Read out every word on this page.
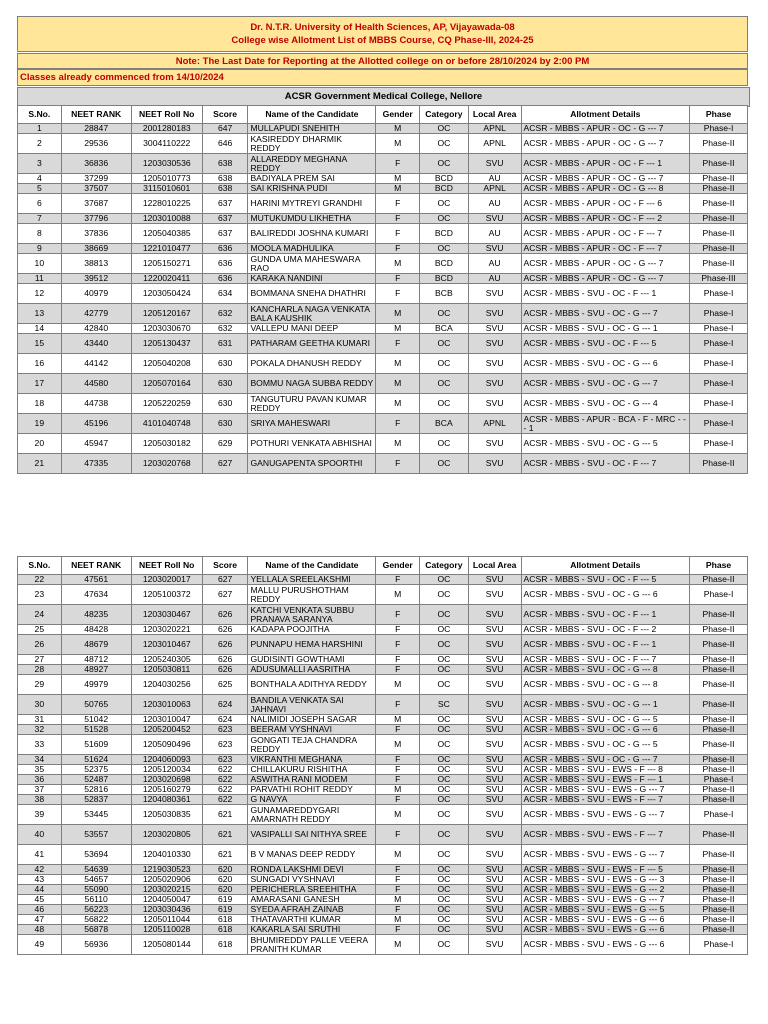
Dr. N.T.R. University of Health Sciences, AP, Vijayawada-08
College wise Allotment List of MBBS Course, CQ Phase-III, 2024-25
Note: The Last Date for Reporting at the Allotted college on or before 28/10/2024 by 2:00 PM
Classes already commenced from 14/10/2024
ACSR Government Medical College, Nellore
S.No.	NEET RANK	NEET Roll No	Score	Name of the Candidate	Gender	Category	Local Area	Allotment Details	Phase
1	28847	2001280183	647	MULLAPUDI SNEHITH	M	OC	APNL	ACSR - MBBS - APUR - OC - G --- 7	Phase-I
2	29536	3004110222	646	KASIREDDY DHARMIK REDDY	M	OC	APNL	ACSR - MBBS - APUR - OC - G --- 7	Phase-II
3	36836	1203030536	638	ALLAREDDY MEGHANA REDDY	F	OC	SVU	ACSR - MBBS - APUR - OC - F --- 1	Phase-II
4	37299	1205010773	638	BADIYALA PREM SAI	M	BCD	AU	ACSR - MBBS - APUR - OC - G --- 7	Phase-II
5	37507	3115010601	638	SAI KRISHNA PUDI	M	BCD	APNL	ACSR - MBBS - APUR - OC - G --- 8	Phase-II
6	37687	1228010225	637	HARINI MYTREYI GRANDHI	F	OC	AU	ACSR - MBBS - APUR - OC - F --- 6	Phase-II
7	37796	1203010088	637	MUTUKUMDU LIKHETHA	F	OC	SVU	ACSR - MBBS - APUR - OC - F --- 2	Phase-II
8	37836	1205040385	637	BALIREDDI JOSHNA KUMARI	F	BCD	AU	ACSR - MBBS - APUR - OC - F --- 7	Phase-II
9	38669	1221010477	636	MOOLA MADHULIKA	F	OC	SVU	ACSR - MBBS - APUR - OC - F --- 7	Phase-II
10	38813	1205150271	636	GUNDA UMA MAHESWARA RAO	M	BCD	AU	ACSR - MBBS - APUR - OC - G --- 7	Phase-II
11	39512	1220020411	636	KARAKA NANDINI	F	BCD	AU	ACSR - MBBS - APUR - OC - G --- 7	Phase-III
12	40979	1203050424	634	BOMMANA SNEHA DHATHRI	F	BCB	SVU	ACSR - MBBS - SVU - OC - F --- 1	Phase-I
13	42779	1205120167	632	KANCHARLA NAGA VENKATA BALA KAUSHIK	M	OC	SVU	ACSR - MBBS - SVU - OC - G --- 7	Phase-I
14	42840	1203030670	632	VALLEPU MANI DEEP	M	BCA	SVU	ACSR - MBBS - SVU - OC - G --- 1	Phase-I
15	43440	1205130437	631	PATHARAM GEETHA KUMARI	F	OC	SVU	ACSR - MBBS - SVU - OC - F --- 5	Phase-I
16	44142	1205040208	630	POKALA DHANUSH REDDY	M	OC	SVU	ACSR - MBBS - SVU - OC - G --- 6	Phase-I
17	44580	1205070164	630	BOMMU NAGA SUBBA REDDY	M	OC	SVU	ACSR - MBBS - SVU - OC - G --- 7	Phase-I
18	44738	1205220259	630	TANGUTURU PAVAN KUMAR REDDY	M	OC	SVU	ACSR - MBBS - SVU - OC - G --- 4	Phase-I
19	45196	4101040748	630	SRIYA MAHESWARI	F	BCA	APNL	ACSR - MBBS - APUR - BCA - F - MRC - -- 1	Phase-I
20	45947	1205030182	629	POTHURI VENKATA ABHISHAI	M	OC	SVU	ACSR - MBBS - SVU - OC - G --- 5	Phase-I
21	47335	1203020768	627	GANUGAPENTA SPOORTHI	F	OC	SVU	ACSR - MBBS - SVU - OC - F --- 7	Phase-II
S.No.	NEET RANK	NEET Roll No	Score	Name of the Candidate	Gender	Category	Local Area	Allotment Details	Phase
22	47561	1203020017	627	YELLALA SREELAKSHMI	F	OC	SVU	ACSR - MBBS - SVU - OC - F --- 5	Phase-II
23	47634	1205100372	627	MALLU PURUSHOTHAM REDDY	M	OC	SVU	ACSR - MBBS - SVU - OC - G --- 6	Phase-I
24	48235	1203030467	626	KATCHI VENKATA SUBBU PRANAVA SARANYA	F	OC	SVU	ACSR - MBBS - SVU - OC - F --- 1	Phase-II
25	48428	1203020221	626	KADAPA POOJITHA	F	OC	SVU	ACSR - MBBS - SVU - OC - F --- 2	Phase-II
26	48679	1203010467	626	PUNNAPU HEMA HARSHINI	F	OC	SVU	ACSR - MBBS - SVU - OC - F --- 1	Phase-II
27	48712	1205240305	626	GUDISINTI GOWTHAMI	F	OC	SVU	ACSR - MBBS - SVU - OC - F --- 7	Phase-II
28	48927	1205030811	626	ADUSUMALLI AASRITHA	F	OC	SVU	ACSR - MBBS - SVU - OC - G --- 8	Phase-II
29	49979	1204030256	625	BONTHALA ADITHYA REDDY	M	OC	SVU	ACSR - MBBS - SVU - OC - G --- 8	Phase-II
30	50765	1203010063	624	BANDILA VENKATA SAI JAHNAVI	F	SC	SVU	ACSR - MBBS - SVU - OC - G --- 1	Phase-II
31	51042	1203010047	624	NALIMIDI JOSEPH SAGAR	M	OC	SVU	ACSR - MBBS - SVU - OC - G --- 5	Phase-II
32	51528	1205200452	623	BEERAM VYSHNAVI	F	OC	SVU	ACSR - MBBS - SVU - OC - G --- 6	Phase-II
33	51609	1205090496	623	GONGATI TEJA CHANDRA REDDY	M	OC	SVU	ACSR - MBBS - SVU - OC - G --- 5	Phase-II
34	51624	1204060093	623	VIKRANTHI MEGHANA	F	OC	SVU	ACSR - MBBS - SVU - OC - G --- 7	Phase-II
35	52375	1205120034	622	CHILLAKURU RISHITHA	F	OC	SVU	ACSR - MBBS - SVU - EWS - F --- 8	Phase-II
36	52487	1203020698	622	ASWITHA RANI MODEM	F	OC	SVU	ACSR - MBBS - SVU - EWS - F --- 1	Phase-I
37	52816	1205160279	622	PARVATHI ROHIT REDDY	M	OC	SVU	ACSR - MBBS - SVU - EWS - G --- 7	Phase-II
38	52837	1204080361	622	G NAVYA	F	OC	SVU	ACSR - MBBS - SVU - EWS - F --- 7	Phase-II
39	53445	1205030835	621	GUNAMAREDDYGARI AMARNATH REDDY	M	OC	SVU	ACSR - MBBS - SVU - EWS - G --- 7	Phase-I
40	53557	1203020805	621	VASIPALLI SAI NITHYA SREE	F	OC	SVU	ACSR - MBBS - SVU - EWS - F --- 7	Phase-II
41	53694	1204010330	621	B V MANAS DEEP REDDY	M	OC	SVU	ACSR - MBBS - SVU - EWS - G --- 7	Phase-II
42	54639	1219030523	620	RONDA LAKSHMI DEVI	F	OC	SVU	ACSR - MBBS - SVU - EWS - F --- 5	Phase-II
43	54657	1205020906	620	SUNGADI VYSHNAVI	F	OC	SVU	ACSR - MBBS - SVU - EWS - G --- 3	Phase-II
44	55090	1203020215	620	PERICHERLA SREEHITHA	F	OC	SVU	ACSR - MBBS - SVU - EWS - G --- 2	Phase-II
45	56110	1204050047	619	AMARASANI GANESH	M	OC	SVU	ACSR - MBBS - SVU - EWS - G --- 7	Phase-II
46	56223	1203030436	619	SYEDA AFRAH ZAINAB	F	OC	SVU	ACSR - MBBS - SVU - EWS - G --- 5	Phase-II
47	56822	1205011044	618	THATAVARTHI KUMAR	M	OC	SVU	ACSR - MBBS - SVU - EWS - G --- 6	Phase-II
48	56878	1205110028	618	KAKARLA SAI SRUTHI	F	OC	SVU	ACSR - MBBS - SVU - EWS - G --- 6	Phase-II
49	56936	1205080144	618	BHUMIREDDY PALLE VEERA PRANITH KUMAR	M	OC	SVU	ACSR - MBBS - SVU - EWS - G --- 6	Phase-I
